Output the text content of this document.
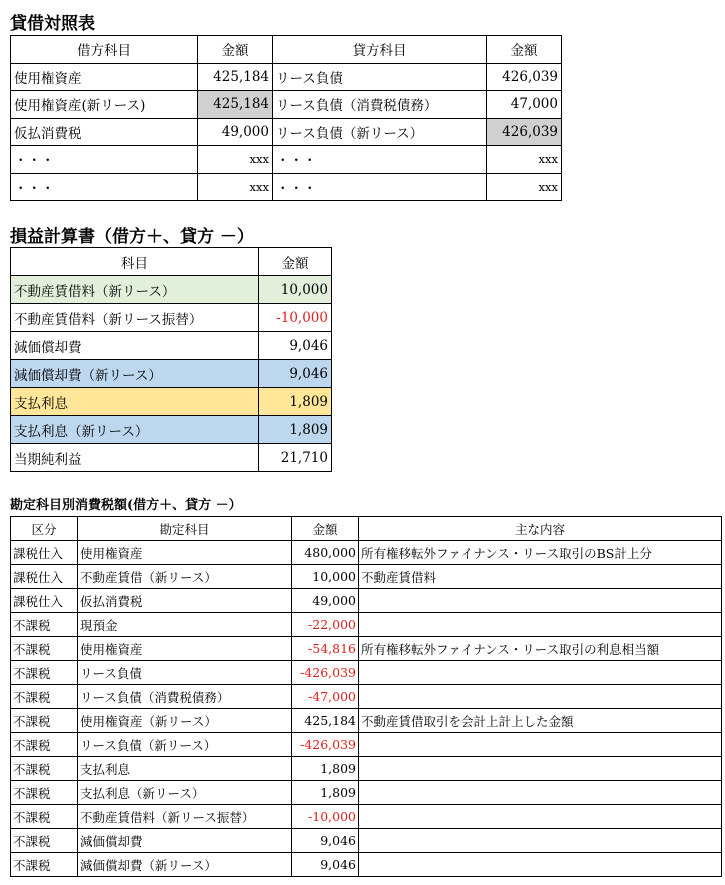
貸借対照表
借方科目	金額	貸方科目	金額
使用権資産	425,184	リース負債	426,039
使用権資産(新リース)	425,184	リース負債（消費税債務）	47,000
仮払消費税	49,000	リース負債（新リース）	426,039
・・・	xxx	・・・	xxx
・・・	xxx	・・・	xxx
損益計算書（借方＋、貸方 －）
科目	金額
不動産賃借料（新リース）	10,000
不動産賃借料（新リース振替）	-10,000
減価償却費	9,046
減価償却費（新リース）	9,046
支払利息	1,809
支払利息（新リース）	1,809
当期純利益	21,710
勘定科目別消費税額(借方＋、貸方 －）
区分	勘定科目	金額	主な内容
課税仕入	使用権資産	480,000	所有権移転外ファイナンス・リース取引のBS計上分
課税仕入	不動産賃借（新リース）	10,000	不動産賃借料
課税仕入	仮払消費税	49,000	
不課税	現預金	-22,000	
不課税	使用権資産	-54,816	所有権移転外ファイナンス・リース取引の利息相当額
不課税	リース負債	-426,039	
不課税	リース負債（消費税債務）	-47,000	
不課税	使用権資産（新リース）	425,184	不動産賃借取引を会計上計上した金額
不課税	リース負債（新リース）	-426,039	
不課税	支払利息	1,809	
不課税	支払利息（新リース）	1,809	
不課税	不動産賃借料（新リース振替）	-10,000	
不課税	減価償却費	9,046	
不課税	減価償却費（新リース）	9,046	
